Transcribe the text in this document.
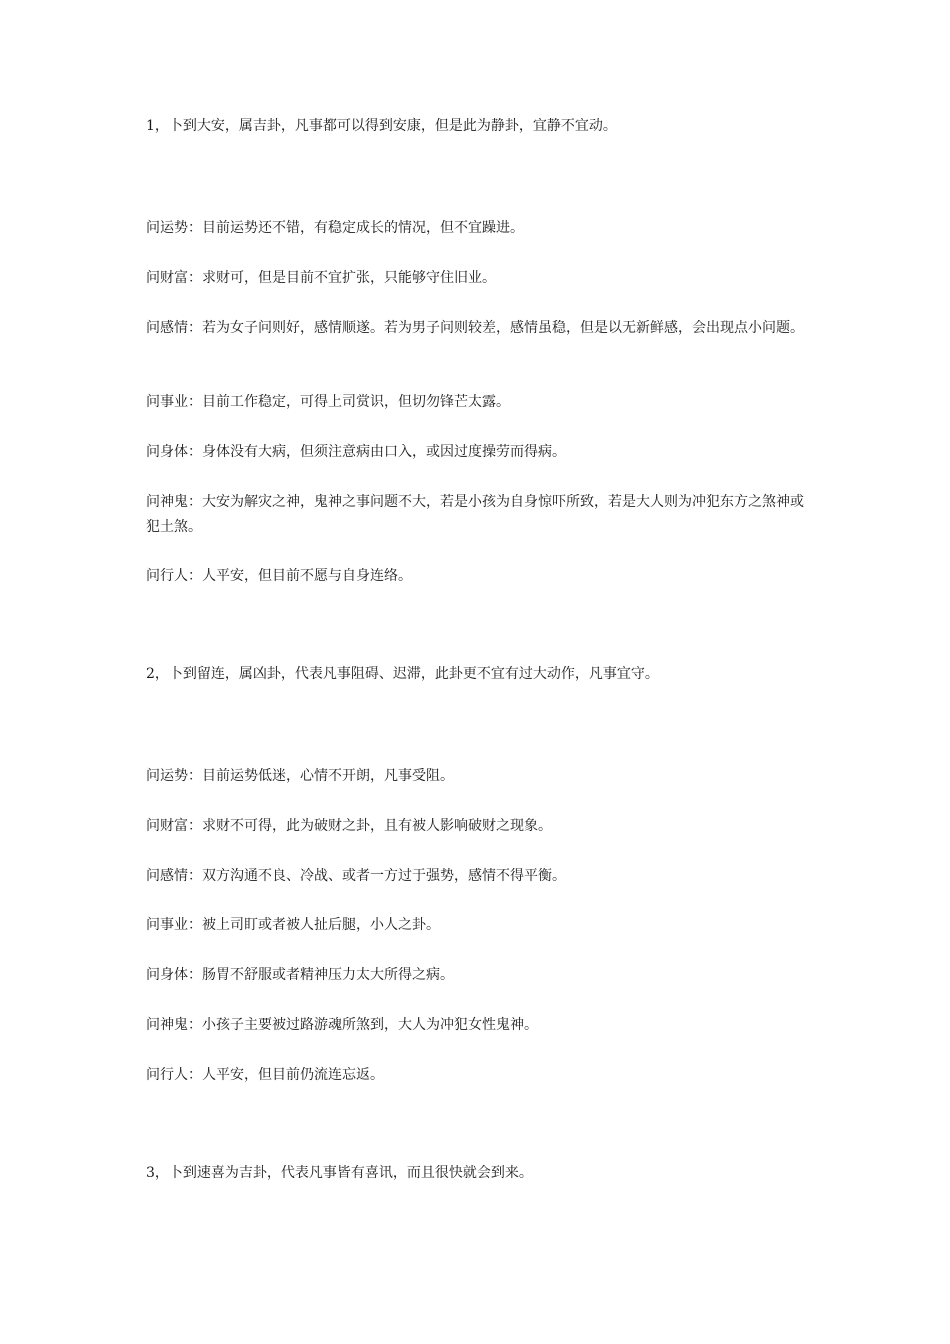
1，卜到大安，属吉卦，凡事都可以得到安康，但是此为静卦，宜静不宜动。
问运势：目前运势还不错，有稳定成长的情况，但不宜躁进。
问财富：求财可，但是目前不宜扩张，只能够守住旧业。
问感情：若为女子问则好，感情顺遂。若为男子问则较差，感情虽稳，但是以无新鲜感，会出现点小问题。
问事业：目前工作稳定，可得上司赏识，但切勿锋芒太露。
问身体：身体没有大病，但须注意病由口入，或因过度操劳而得病。
问神鬼：大安为解灾之神，鬼神之事问题不大，若是小孩为自身惊吓所致，若是大人则为冲犯东方之煞神或犯土煞。
问行人：人平安，但目前不愿与自身连络。
2，卜到留连，属凶卦，代表凡事阻碍、迟滞，此卦更不宜有过大动作，凡事宜守。
问运势：目前运势低迷，心情不开朗，凡事受阻。
问财富：求财不可得，此为破财之卦，且有被人影响破财之现象。
问感情：双方沟通不良、冷战、或者一方过于强势，感情不得平衡。
问事业：被上司盯或者被人扯后腿，小人之卦。
问身体：肠胃不舒服或者精神压力太大所得之病。
问神鬼：小孩子主要被过路游魂所煞到，大人为冲犯女性鬼神。
问行人：人平安，但目前仍流连忘返。
3，卜到速喜为吉卦，代表凡事皆有喜讯，而且很快就会到来。
